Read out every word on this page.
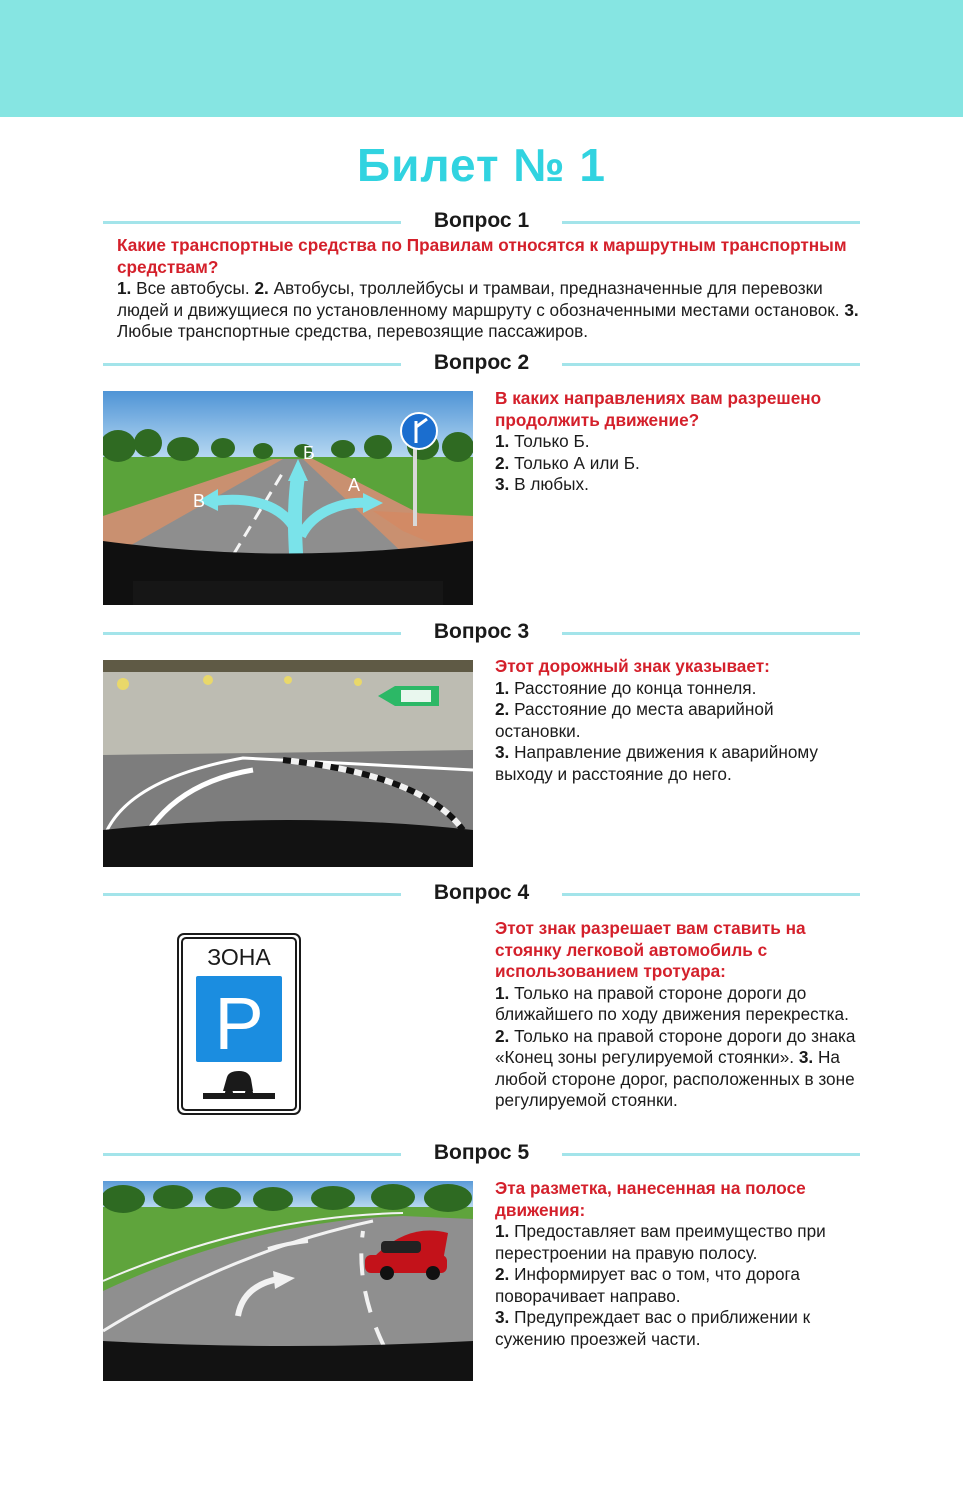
Билет № 1
Вопрос 1
Какие транспортные средства по Правилам относятся к маршрутным транспортным средствам?
1. Все автобусы. 2. Автобусы, троллейбусы и трамваи, предназначенные для перевозки людей и движущиеся по установленному маршруту с обозначенными местами остановок. 3. Любые транспортные средства, перевозящие пассажиров.
Вопрос 2
В
Б
А
В каких направлениях вам разрешено продолжить движение?
1. Только Б.
2. Только А или Б.
3. В любых.
Вопрос 3
Этот дорожный знак указывает:
1. Расстояние до конца тоннеля.
2. Расстояние до места аварийной остановки.
3. Направление движения к аварийному выходу и расстояние до него.
Вопрос 4
ЗОНА
P
Этот знак разрешает вам ставить на стоянку легковой автомобиль с использованием тротуара:
1. Только на правой стороне дороги до ближайшего по ходу движения перекрестка. 2. Только на правой стороне дороги до знака «Конец зоны регулируемой стоянки». 3. На любой стороне дорог, расположенных в зоне регулируемой стоянки.
Вопрос 5
Эта разметка, нанесенная на полосе движения:
1. Предоставляет вам преимущество при перестроении на правую полосу.
2. Информирует вас о том, что дорога поворачивает направо.
3. Предупреждает вас о приближении к сужению проезжей части.
